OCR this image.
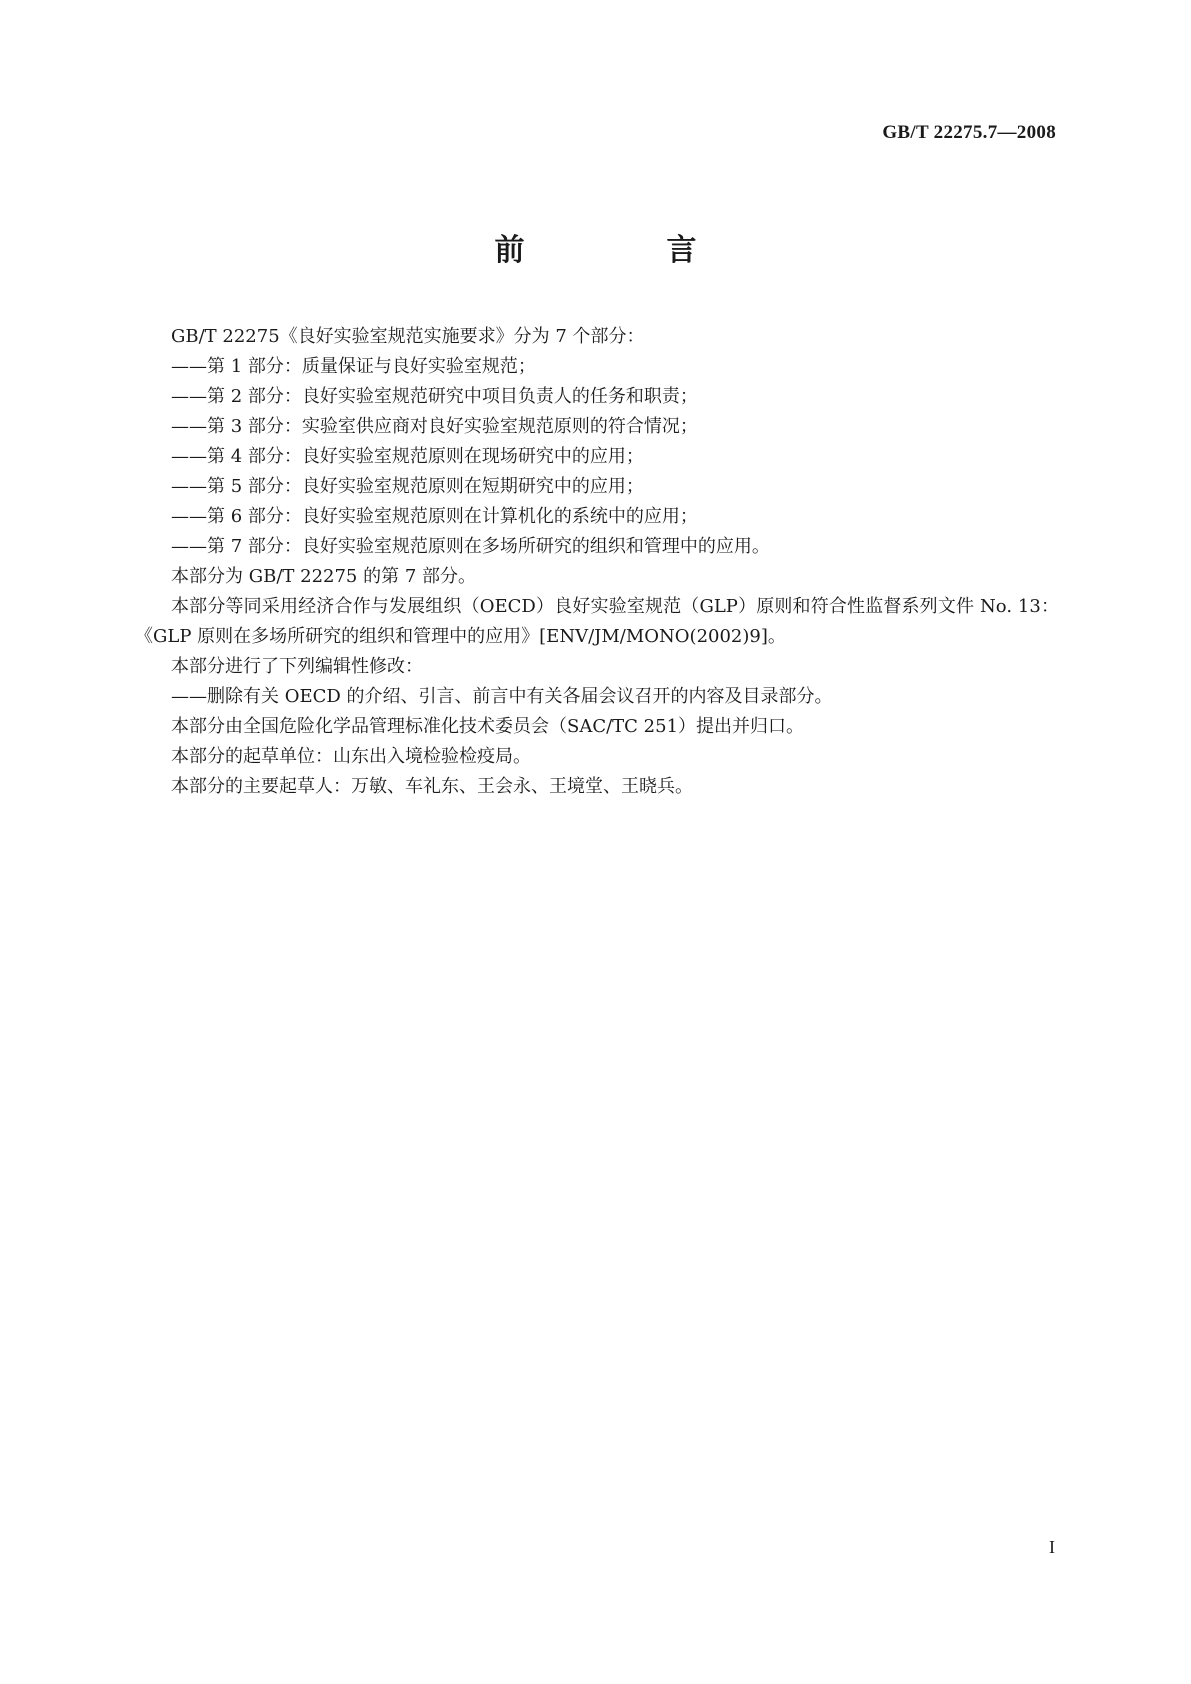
GB/T 22275.7—2008
前　言

GB/T 22275《良好实验室规范实施要求》分为 7 个部分：

——第 1 部分：质量保证与良好实验室规范；

——第 2 部分：良好实验室规范研究中项目负责人的任务和职责；

——第 3 部分：实验室供应商对良好实验室规范原则的符合情况；

——第 4 部分：良好实验室规范原则在现场研究中的应用；

——第 5 部分：良好实验室规范原则在短期研究中的应用；

——第 6 部分：良好实验室规范原则在计算机化的系统中的应用；

——第 7 部分：良好实验室规范原则在多场所研究的组织和管理中的应用。

本部分为 GB/T 22275 的第 7 部分。

本部分等同采用经济合作与发展组织（OECD）良好实验室规范（GLP）原则和符合性监督系列文件 No. 13：《GLP 原则在多场所研究的组织和管理中的应用》[ENV/JM/MONO(2002)9]。

本部分进行了下列编辑性修改：

——删除有关 OECD 的介绍、引言、前言中有关各届会议召开的内容及目录部分。

本部分由全国危险化学品管理标准化技术委员会（SAC/TC 251）提出并归口。

本部分的起草单位：山东出入境检验检疫局。

本部分的主要起草人：万敏、车礼东、王会永、王境堂、王晓兵。

I
